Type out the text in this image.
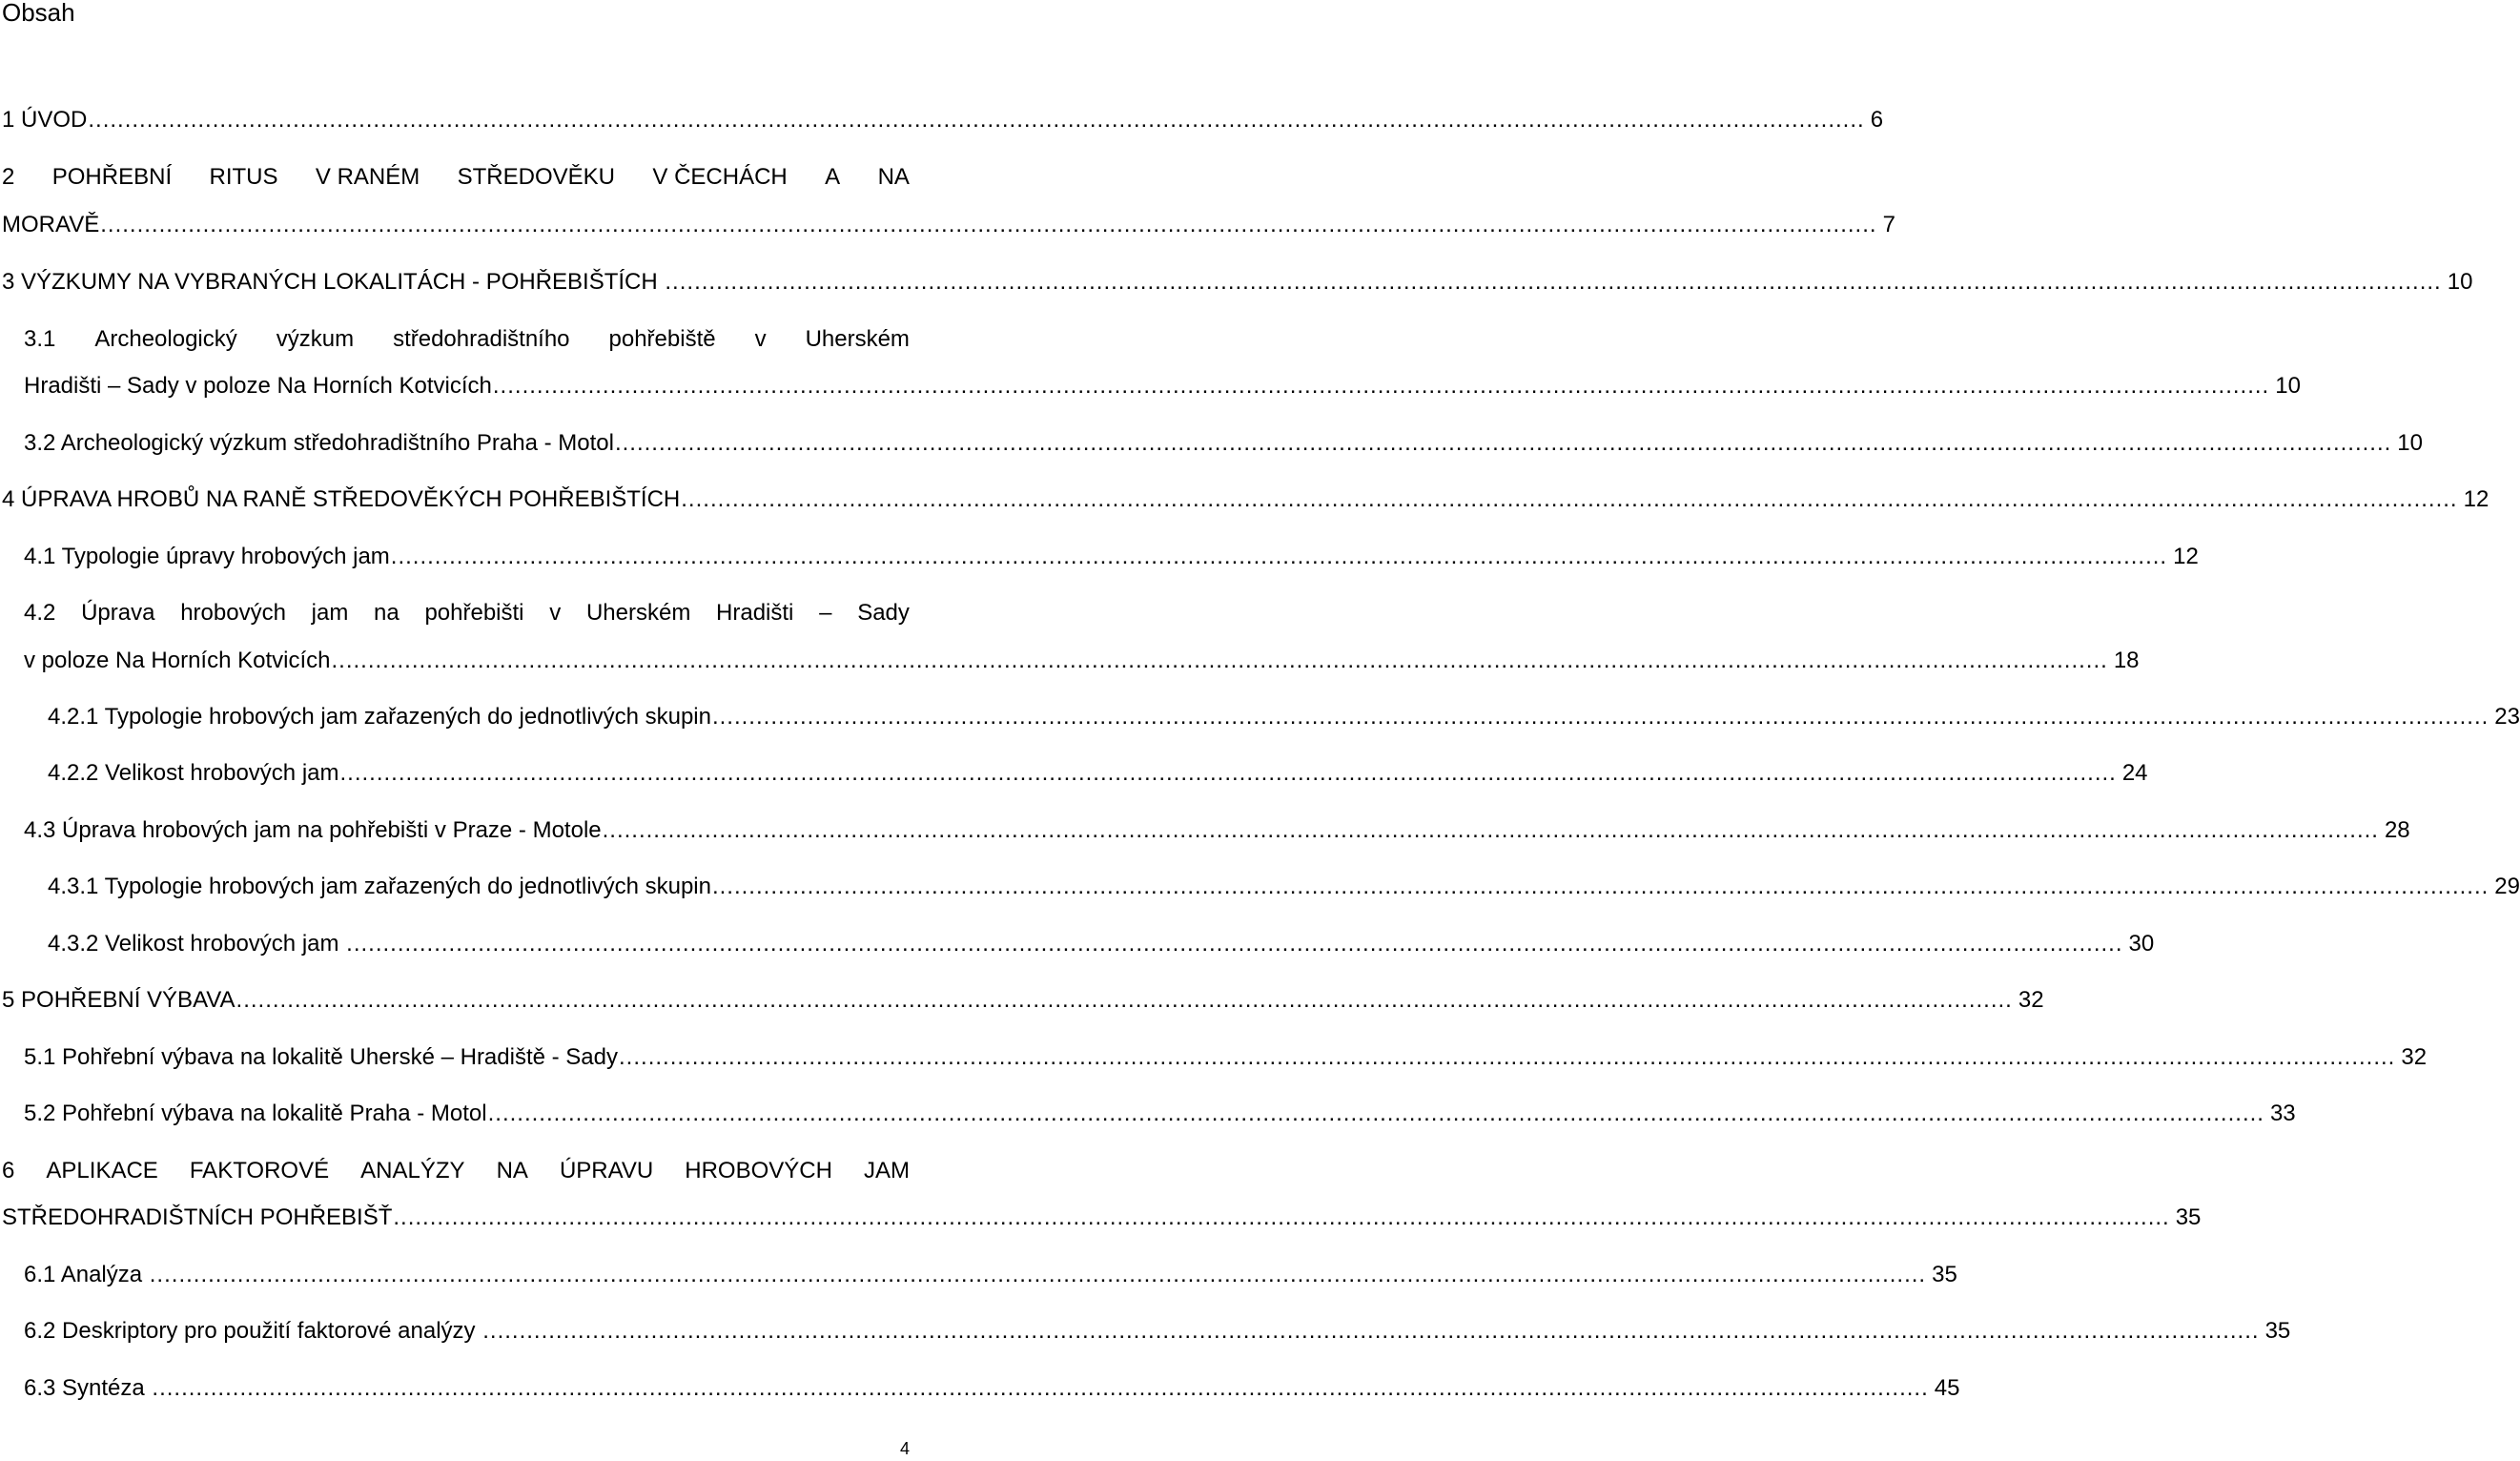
Obsah
1 ÚVOD ................................................................................................................................................................................................................................................... 6
2 POHŘEBNÍ RITUS V RANÉM STŘEDOVĚKU V ČECHÁCH A NA
MORAVĚ ................................................................................................................................................................................................................................................... 7
3 VÝZKUMY NA VYBRANÝCH LOKALITÁCH - POHŘEBIŠTÍCH ................................................................................................................................................................................................................................................... 10
3.1 Archeologický výzkum středohradištního pohřebiště v Uherském
Hradišti – Sady v poloze Na Horních Kotvicích ................................................................................................................................................................................................................................................... 10
3.2 Archeologický výzkum středohradištního Praha - Motol ................................................................................................................................................................................................................................................... 10
4 ÚPRAVA HROBŮ NA RANĚ STŘEDOVĚKÝCH POHŘEBIŠTÍCH ................................................................................................................................................................................................................................................... 12
4.1 Typologie úpravy hrobových jam ................................................................................................................................................................................................................................................... 12
4.2 Úprava hrobových jam na pohřebišti v Uherském Hradišti – Sady
v poloze Na Horních Kotvicích ................................................................................................................................................................................................................................................... 18
4.2.1 Typologie hrobových jam zařazených do jednotlivých skupin ................................................................................................................................................................................................................................................... 23
4.2.2 Velikost hrobových jam ................................................................................................................................................................................................................................................... 24
4.3 Úprava hrobových jam na pohřebišti v Praze - Motole ................................................................................................................................................................................................................................................... 28
4.3.1 Typologie hrobových jam zařazených do jednotlivých skupin ................................................................................................................................................................................................................................................... 29
4.3.2 Velikost hrobových jam ................................................................................................................................................................................................................................................... 30
5 POHŘEBNÍ VÝBAVA ................................................................................................................................................................................................................................................... 32
5.1 Pohřební výbava na lokalitě Uherské – Hradiště - Sady ................................................................................................................................................................................................................................................... 32
5.2 Pohřební výbava na lokalitě Praha - Motol ................................................................................................................................................................................................................................................... 33
6 APLIKACE FAKTOROVÉ ANALÝZY NA ÚPRAVU HROBOVÝCH JAM
STŘEDOHRADIŠTNÍCH POHŘEBIŠŤ ................................................................................................................................................................................................................................................... 35
6.1 Analýza ................................................................................................................................................................................................................................................... 35
6.2 Deskriptory pro použití faktorové analýzy ................................................................................................................................................................................................................................................... 35
6.3 Syntéza ................................................................................................................................................................................................................................................... 45
4
